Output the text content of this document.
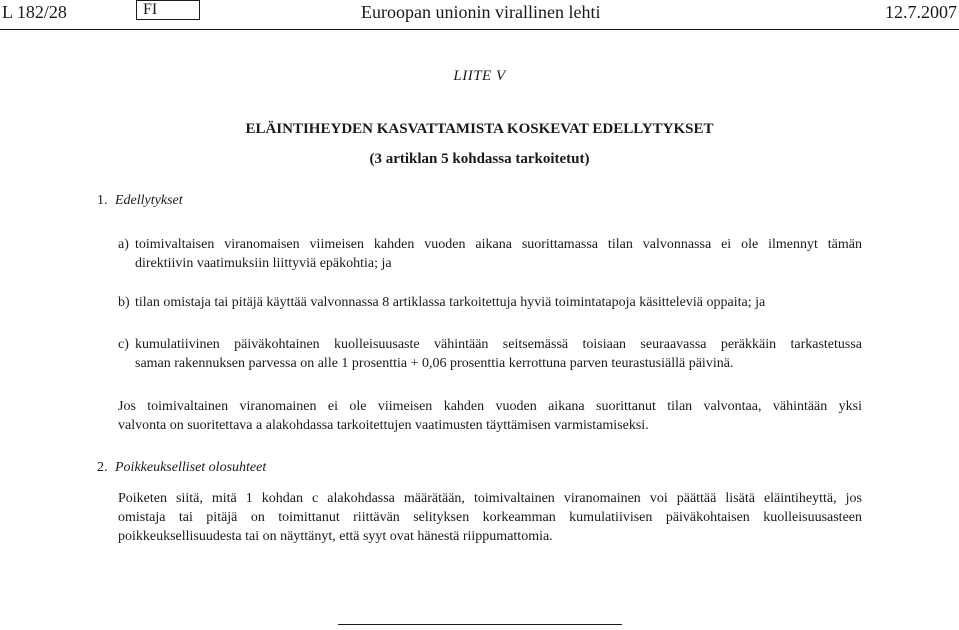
L 182/28	FI	Euroopan unionin virallinen lehti	12.7.2007
LIITE V
ELÄINTIHEYDEN KASVATTAMISTA KOSKEVAT EDELLYTYKSET
(3 artiklan 5 kohdassa tarkoitetut)
1. Edellytykset
a) toimivaltaisen viranomaisen viimeisen kahden vuoden aikana suorittamassa tilan valvonnassa ei ole ilmennyt tämän
direktiivin vaatimuksiin liittyviä epäkohtia; ja
b) tilan omistaja tai pitäjä käyttää valvonnassa 8 artiklassa tarkoitettuja hyviä toimintatapoja käsitteleviä oppaita; ja
c) kumulatiivinen päiväkohtainen kuolleisuusaste vähintään seitsemässä toisiaan seuraavassa peräkkäin tarkastetussa
saman rakennuksen parvessa on alle 1 prosenttia + 0,06 prosenttia kerrottuna parven teurastusiällä päivinä.
Jos toimivaltainen viranomainen ei ole viimeisen kahden vuoden aikana suorittanut tilan valvontaa, vähintään yksi
valvonta on suoritettava a alakohdassa tarkoitettujen vaatimusten täyttämisen varmistamiseksi.
2. Poikkeukselliset olosuhteet
Poiketen siitä, mitä 1 kohdan c alakohdassa määrätään, toimivaltainen viranomainen voi päättää lisätä eläintiheyttä, jos
omistaja tai pitäjä on toimittanut riittävän selityksen korkeamman kumulatiivisen päiväkohtaisen kuolleisuusasteen
poikkeuksellisuudesta tai on näyttänyt, että syyt ovat hänestä riippumattomia.
